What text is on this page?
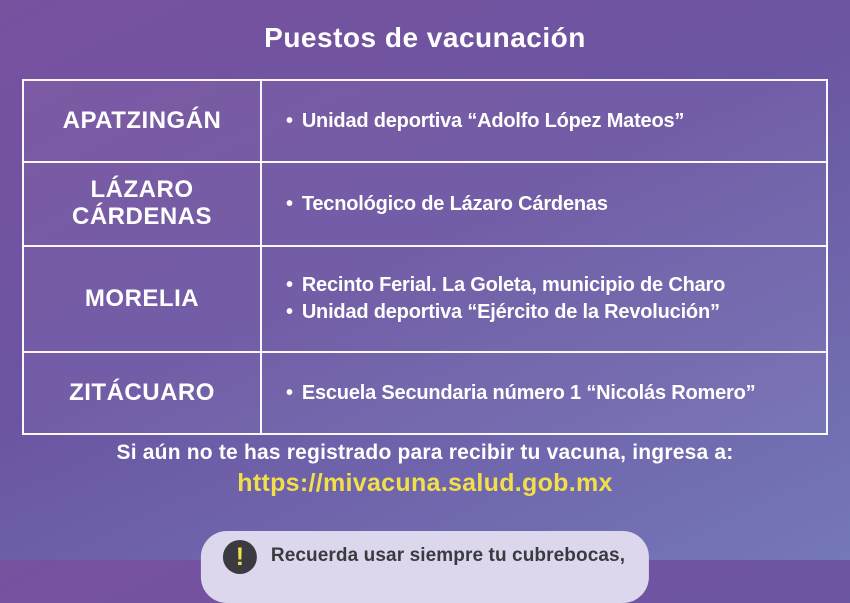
Puestos de vacunación
APATZINGÁN	• Unidad deportiva “Adolfo López Mateos”

LÁZARO CÁRDENAS	• Tecnológico de Lázaro Cárdenas

MORELIA	• Recinto Ferial. La Goleta, municipio de Charo
• Unidad deportiva “Ejército de la Revolución”

ZITÁCUARO	• Escuela Secundaria número 1 “Nicolás Romero”
Si aún no te has registrado para recibir tu vacuna, ingresa a:
https://mivacuna.salud.gob.mx
! Recuerda usar siempre tu cubrebocas,
